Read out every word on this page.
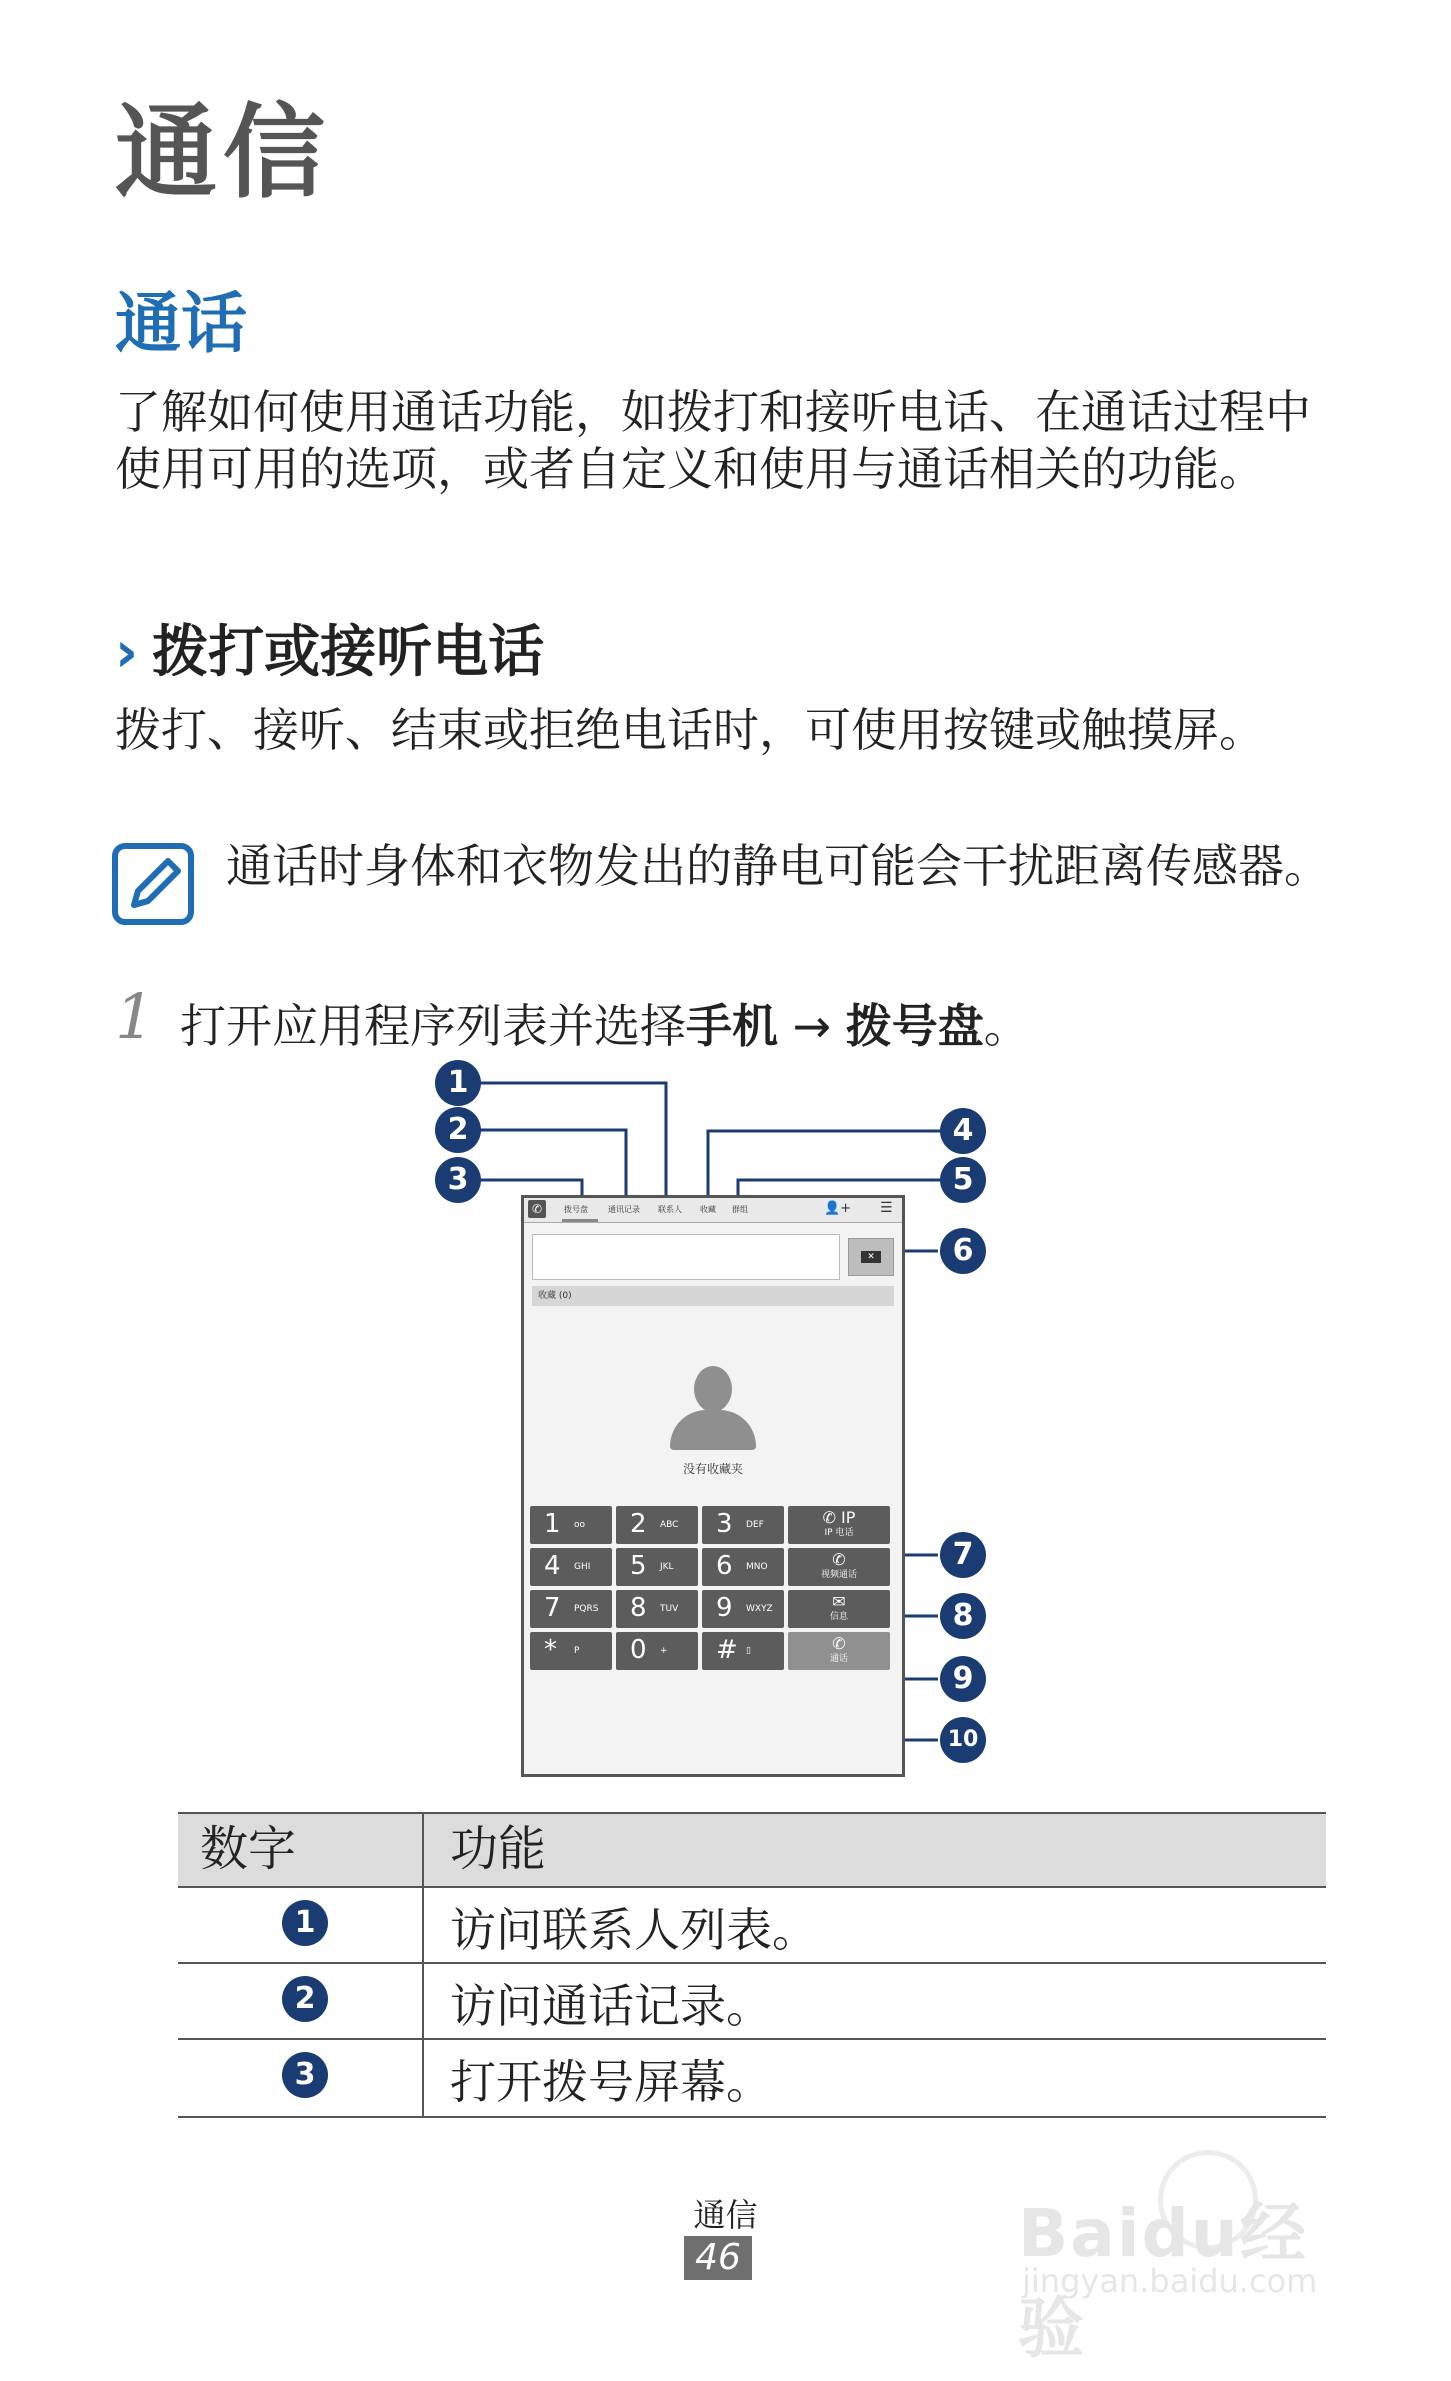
通信
通话
了解如何使用通话功能，如拨打和接听电话、在通话过程中使用可用的选项，或者自定义和使用与通话相关的功能。
› 拨打或接听电话
拨打、接听、结束或拒绝电话时，可使用按键或触摸屏。
通话时身体和衣物发出的静电可能会干扰距离传感器。
1 打开应用程序列表并选择手机 → 拨号盘。
1
2
3
4
5
6
7
8
9
10
✆	拨号盘	通讯记录 联系人 收藏 群组	👤+ ☰
✕
收藏 (0)
没有收藏夹
1 oo 2 ABC 3 DEF	✆ IP
IP 电话
4 GHI 5 JKL 6 MNO	✆
视频通话
7 PQRS 8 TUV 9 WXYZ	✉
信息
* P 0 + # ▯	✆
通话
数字	功能
1	访问联系人列表。
2	访问通话记录。
3	打开拨号屏幕。
通信
46	Baidu经验
jingyan.baidu.com
